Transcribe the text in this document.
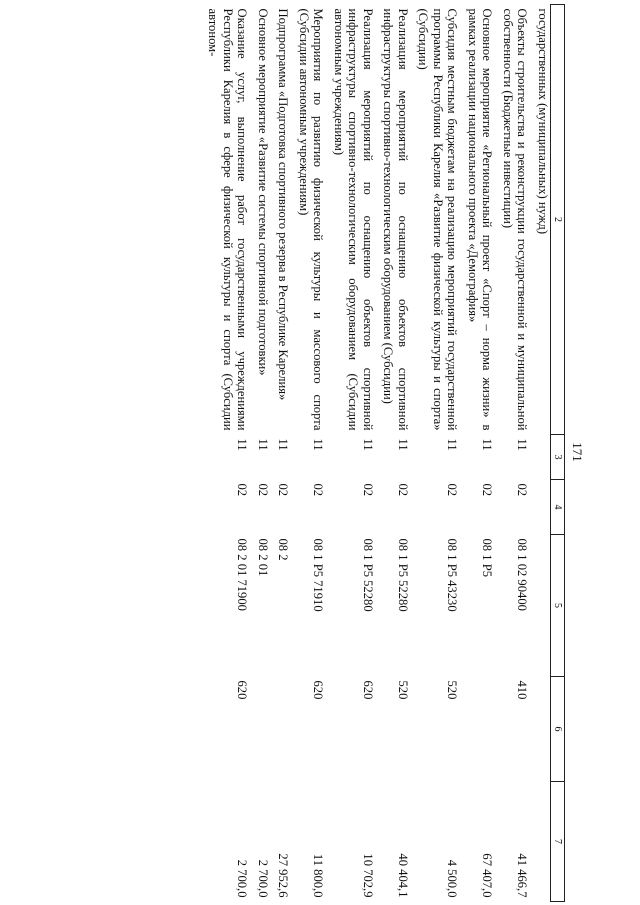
171
2	3	4	5	6	7
государственных (муниципальных) нужд)					
Объекты строительства и реконструкции государственной и муниципальной собственности (Бюджетные инвестиции)	11	02	08 1 02 90400	410	41 466,7
Основное мероприятие «Региональный проект «Спорт – норма жизни» в рамках реализации национального проекта «Демография»	11	02	08 1 P5		67 407,0
Субсидия местным бюджетам на реализацию мероприятий государственной программы Республики Карелия «Развитие физической культуры и спорта» (Субсидии)	11	02	08 1 P5 43230	520	4 500,0
Реализация мероприятий по оснащению объектов спортивной инфраструктуры спортивно-технологическим оборудованием (Субсидии)	11	02	08 1 P5 52280	520	40 404,1
Реализация мероприятий по оснащению объектов спортивной инфраструктуры спортивно-технологическим оборудованием (Субсидии автономным учреждениям)	11	02	08 1 P5 52280	620	10 702,9
Мероприятия по развитию физической культуры и массового спорта (Субсидии автономным учреждениям)	11	02	08 1 P5 71910	620	11 800,0
Подпрограмма «Подготовка спортивного резерва в Республике Карелия»	11	02	08 2		27 952,6
Основное мероприятие «Развитие системы спортивной подготовки»	11	02	08 2 01		2 700,0
Оказание услуг, выполнение работ государственными учреждениями Республики Карелия в сфере физической культуры и спорта (Субсидии автоном-	11	02	08 2 01 71900	620	2 700,0
